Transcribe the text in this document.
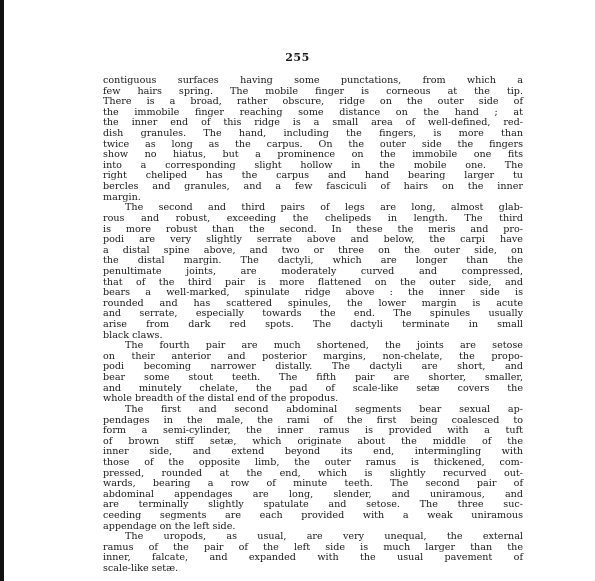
255
contiguous surfaces having some punctations, from which a
few hairs spring. The mobile finger is corneous at the tip.
There is a broad, rather obscure, ridge on the outer side of
the immobile finger reaching some distance on the hand ; at
the inner end of this ridge is a small area of well-defined, red-
dish granules. The hand, including the fingers, is more than
twice as long as the carpus. On the outer side the fingers
show no hiatus, but a prominence on the immobile one fits
into a corresponding slight hollow in the mobile one. The
right cheliped has the carpus and hand bearing larger tu
bercles and granules, and a few fasciculi of hairs on the inner
margin.
The second and third pairs of legs are long, almost glab-
rous and robust, exceeding the chelipeds in length. The third
is more robust than the second. In these the meris and pro-
podi are very slightly serrate above and below, the carpi have
a distal spine above, and two or three on the outer side, on
the distal margin. The dactyli, which are longer than the
penultimate joints, are moderately curved and compressed,
that of the third pair is more flattened on the outer side, and
bears a well-marked, spinulate ridge above : the inner side is
rounded and has scattered spinules, the lower margin is acute
and serrate, especially towards the end. The spinules usually
arise from dark red spots. The dactyli terminate in small
black claws.
The fourth pair are much shortened, the joints are setose
on their anterior and posterior margins, non-chelate, the propo-
podi becoming narrower distally. The dactyli are short, and
bear some stout teeth. The fifth pair are shorter, smaller,
and minutely chelate, the pad of scale-like setæ covers the
whole breadth of the distal end of the propodus.
The first and second abdominal segments bear sexual ap-
pendages in the male, the rami of the first being coalesced to
form a semi-cylinder, the inner ramus is provided with a tuft
of brown stiff setæ, which originate about the middle of the
inner side, and extend beyond its end, intermingling with
those of the opposite limb, the outer ramus is thickened, com-
pressed, rounded at the end, which is slightly recurved out-
wards, bearing a row of minute teeth. The second pair of
abdominal appendages are long, slender, and uniramous, and
are terminally slightly spatulate and setose. The three suc-
ceeding segments are each provided with a weak uniramous
appendage on the left side.
The uropods, as usual, are very unequal, the external
ramus of the pair of the left side is much larger than the
inner, falcate, and expanded with the usual pavement of
scale-like setæ.
